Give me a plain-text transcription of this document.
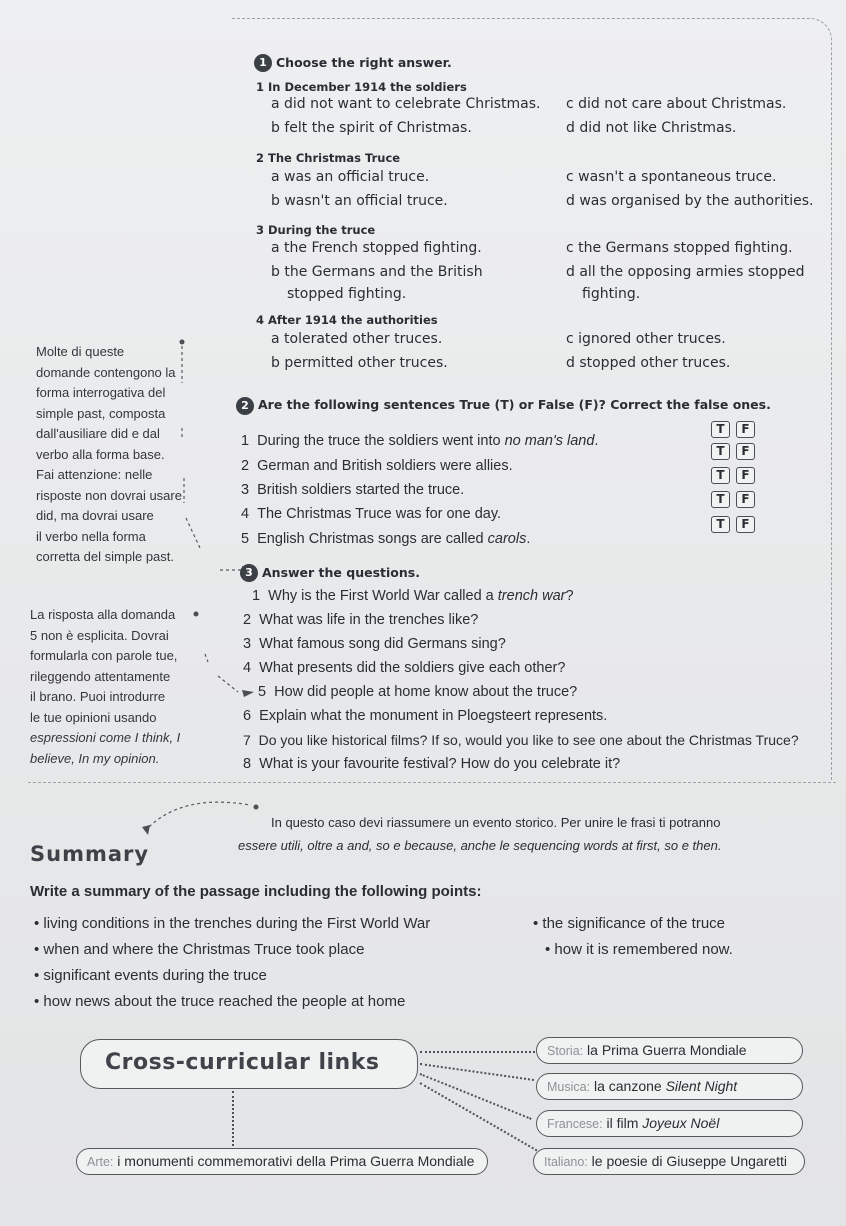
1 Choose the right answer.
1 In December 1914 the soldiers
a did not want to celebrate Christmas.
b felt the spirit of Christmas.
c did not care about Christmas.
d did not like Christmas.
2 The Christmas Truce
a was an official truce.
b wasn't an official truce.
c wasn't a spontaneous truce.
d was organised by the authorities.
3 During the truce
a the French stopped fighting.
b the Germans and the British
stopped fighting.
c the Germans stopped fighting.
d all the opposing armies stopped
fighting.
4 After 1914 the authorities
a tolerated other truces.
b permitted other truces.
c ignored other truces.
d stopped other truces.
Molte di queste
domande contengono la
forma interrogativa del
simple past, composta
dall'ausiliare did e dal
verbo alla forma base.
Fai attenzione: nelle
risposte non dovrai usare
did, ma dovrai usare
il verbo nella forma
corretta del simple past.
2 Are the following sentences True (T) or False (F)? Correct the false ones.
1 During the truce the soldiers went into no man's land.
2 German and British soldiers were allies.
3 British soldiers started the truce.
4 The Christmas Truce was for one day.
5 English Christmas songs are called carols.
T	F
T	F
T	F
T	F
T	F
3 Answer the questions.
1 Why is the First World War called a trench war?
2 What was life in the trenches like?
3 What famous song did Germans sing?
4 What presents did the soldiers give each other?
5 How did people at home know about the truce?
6 Explain what the monument in Ploegsteert represents.
7 Do you like historical films? If so, would you like to see one about the Christmas Truce?
8 What is your favourite festival? How do you celebrate it?
La risposta alla domanda
5 non è esplicita. Dovrai
formularla con parole tue,
rileggendo attentamente
il brano. Puoi introdurre
le tue opinioni usando
espressioni come I think, I
believe, In my opinion.
Summary
In questo caso devi riassumere un evento storico. Per unire le frasi ti potranno
essere utili, oltre a and, so e because, anche le sequencing words at first, so e then.
Write a summary of the passage including the following points:
• living conditions in the trenches during the First World War
• when and where the Christmas Truce took place
• significant events during the truce
• how news about the truce reached the people at home
• the significance of the truce
• how it is remembered now.
Cross-curricular links	Storia: la Prima Guerra Mondiale
Musica: la canzone Silent Night
Francese: il film Joyeux Noël
Italiano: le poesie di Giuseppe Ungaretti
Arte: i monumenti commemorativi della Prima Guerra Mondiale
